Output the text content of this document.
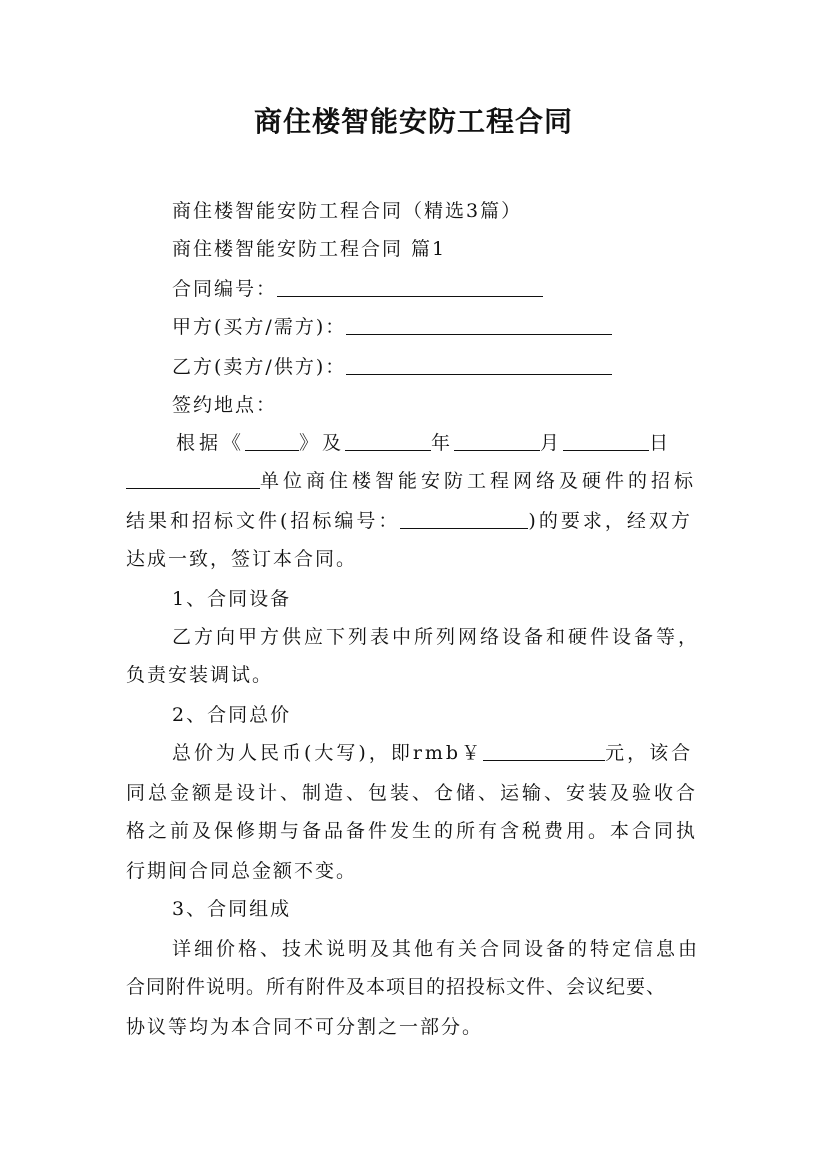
商住楼智能安防工程合同
商住楼智能安防工程合同（精选3篇）
商住楼智能安防工程合同 篇1
合同编号：
甲方(买方/需方)：
乙方(卖方/供方)：
签约地点：
根据《	》及	年	月	日
单位商住楼智能安防工程网络及硬件的招标
结果和招标文件(招标编号：	)的要求，经双方
达成一致，签订本合同。
1、合同设备
乙方向甲方供应下列表中所列网络设备和硬件设备等，
负责安装调试。
2、合同总价
总价为人民币(大写)，即rmb￥	元，该合
同总金额是设计、制造、包装、仓储、运输、安装及验收合
格之前及保修期与备品备件发生的所有含税费用。本合同执
行期间合同总金额不变。
3、合同组成
详细价格、技术说明及其他有关合同设备的特定信息由
合同附件说明。所有附件及本项目的招投标文件、会议纪要、
协议等均为本合同不可分割之一部分。
